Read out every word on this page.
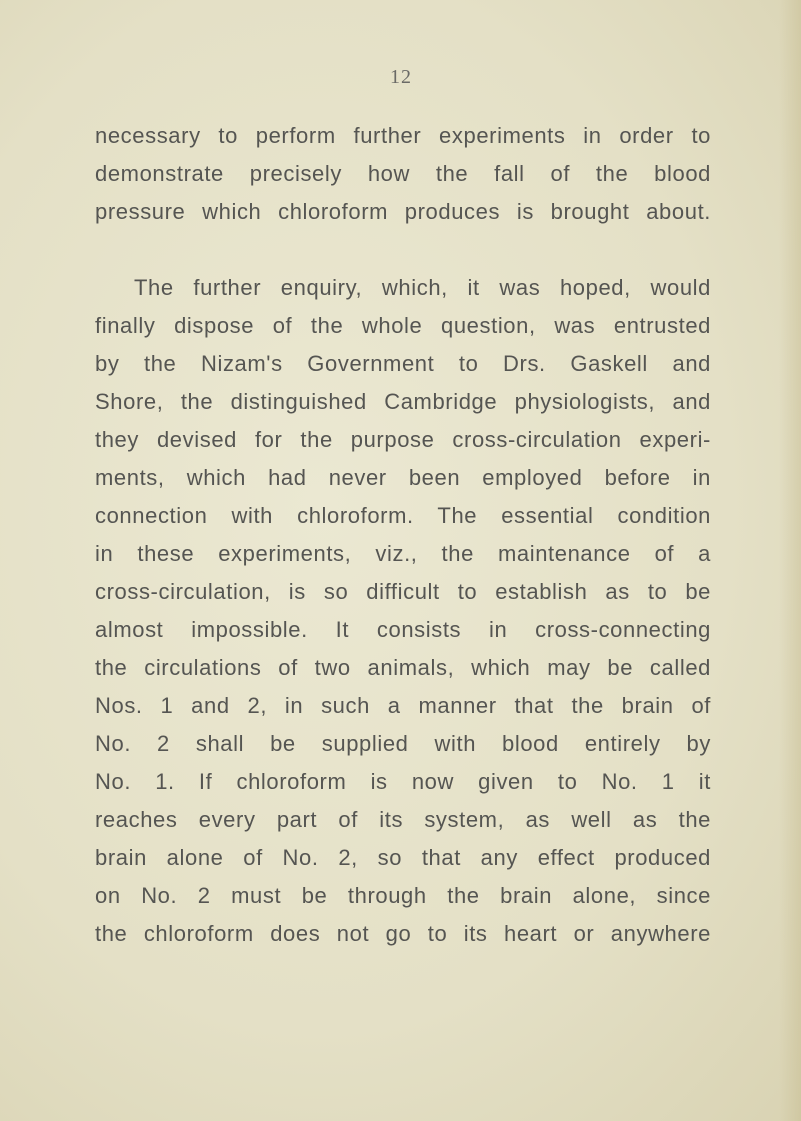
12
necessary to perform further experiments in order to
demonstrate precisely how the fall of the blood
pressure which chloroform produces is brought about.
The further enquiry, which, it was hoped, would
finally dispose of the whole question, was entrusted
by the Nizam's Government to Drs. Gaskell and
Shore, the distinguished Cambridge physiologists, and
they devised for the purpose cross-circulation experi-
ments, which had never been employed before in
connection with chloroform. The essential condition
in these experiments, viz., the maintenance of a
cross-circulation, is so difficult to establish as to be
almost impossible. It consists in cross-connecting
the circulations of two animals, which may be called
Nos. 1 and 2, in such a manner that the brain of
No. 2 shall be supplied with blood entirely by
No. 1. If chloroform is now given to No. 1 it
reaches every part of its system, as well as the
brain alone of No. 2, so that any effect produced
on No. 2 must be through the brain alone, since
the chloroform does not go to its heart or anywhere
